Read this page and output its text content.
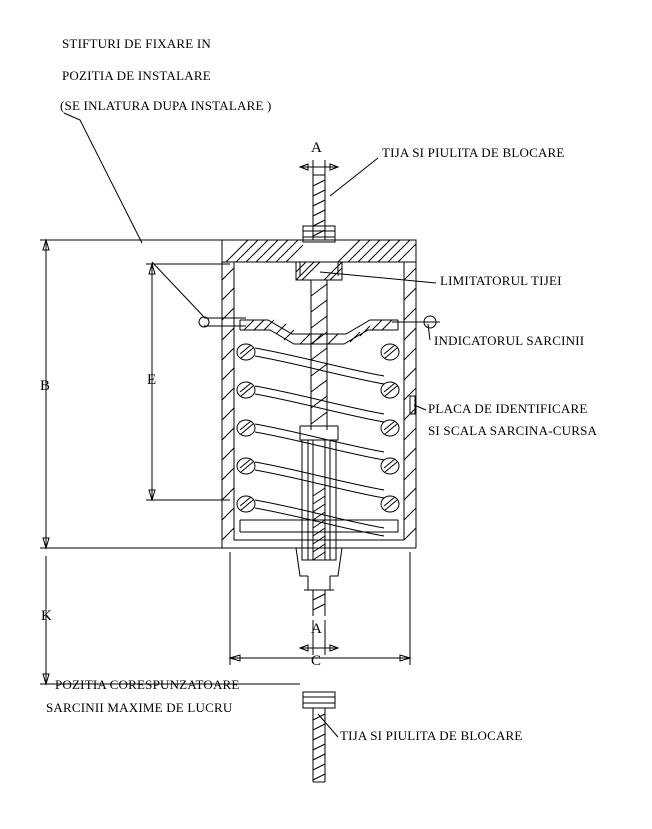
STIFTURI DE FIXARE IN
POZITIA DE INSTALARE
(SE INLATURA DUPA INSTALARE )
TIJA SI PIULITA DE BLOCARE
LIMITATORUL TIJEI
INDICATORUL SARCINII
PLACA DE IDENTIFICARE
SI SCALA SARCINA-CURSA
POZITIA CORESPUNZATOARE
SARCINII MAXIME DE LUCRU
TIJA SI PIULITA DE BLOCARE
A
B	E
K
A
C
